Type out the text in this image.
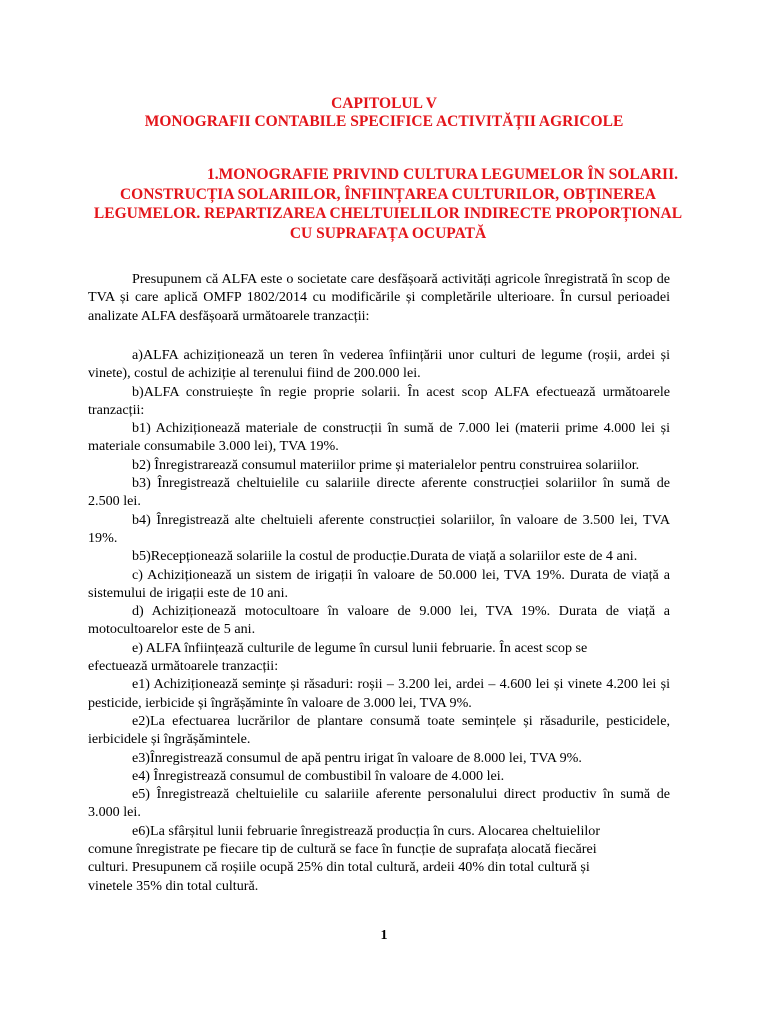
CAPITOLUL V
MONOGRAFII CONTABILE SPECIFICE ACTIVITĂȚII AGRICOLE
1.MONOGRAFIE PRIVIND CULTURA LEGUMELOR ÎN SOLARII.
CONSTRUCȚIA SOLARIILOR, ÎNFIINȚAREA CULTURILOR, OBȚINEREA
LEGUMELOR. REPARTIZAREA CHELTUIELILOR INDIRECTE PROPORȚIONAL
CU SUPRAFAȚA OCUPATĂ

Presupunem că ALFA este o societate care desfășoară activități agricole înregistrată în scop de TVA și care aplică OMFP 1802/2014 cu modificările și completările ulterioare. În cursul perioadei analizate ALFA desfășoară următoarele tranzacții:

a)ALFA achiziționează un teren în vederea înființării unor culturi de legume (roșii, ardei și vinete), costul de achiziție al terenului fiind de 200.000 lei.

b)ALFA construiește în regie proprie solarii. În acest scop ALFA efectuează următoarele tranzacții:

b1) Achiziționează materiale de construcții în sumă de 7.000 lei (materii prime 4.000 lei și materiale consumabile 3.000 lei), TVA 19%.

b2) Înregistrarează consumul materiilor prime și materialelor pentru construirea solariilor.

b3) Înregistrează cheltuielile cu salariile directe aferente construcției solariilor în sumă de 2.500 lei.

b4) Înregistrează alte cheltuieli aferente construcției solariilor, în valoare de 3.500 lei, TVA 19%.

b5)Recepționează solariile la costul de producție.Durata de viață a solariilor este de 4 ani.

c) Achiziționează un sistem de irigații în valoare de 50.000 lei, TVA 19%. Durata de viață a sistemului de irigații este de 10 ani.

d) Achiziționează motocultoare în valoare de 9.000 lei, TVA 19%. Durata de viață a motocultoarelor este de 5 ani.

e) ALFA înființează culturile de legume în cursul lunii februarie. În acest scop se

efectuează următoarele tranzacții:

e1) Achiziționează semințe și răsaduri: roșii – 3.200 lei, ardei – 4.600 lei și vinete 4.200 lei și pesticide, ierbicide și îngrășăminte în valoare de 3.000 lei, TVA 9%.

e2)La efectuarea lucrărilor de plantare consumă toate semințele și răsadurile, pesticidele, ierbicidele și îngrășămintele.

e3)Înregistrează consumul de apă pentru irigat în valoare de 8.000 lei, TVA 9%.

e4) Înregistrează consumul de combustibil în valoare de 4.000 lei.

e5) Înregistrează cheltuielile cu salariile aferente personalului direct productiv în sumă de 3.000 lei.

e6)La sfârșitul lunii februarie înregistrează producția în curs. Alocarea cheltuielilor

comune înregistrate pe fiecare tip de cultură se face în funcție de suprafața alocată fiecărei

culturi. Presupunem că roșiile ocupă 25% din total cultură, ardeii 40% din total cultură și

vinetele 35% din total cultură.

1
